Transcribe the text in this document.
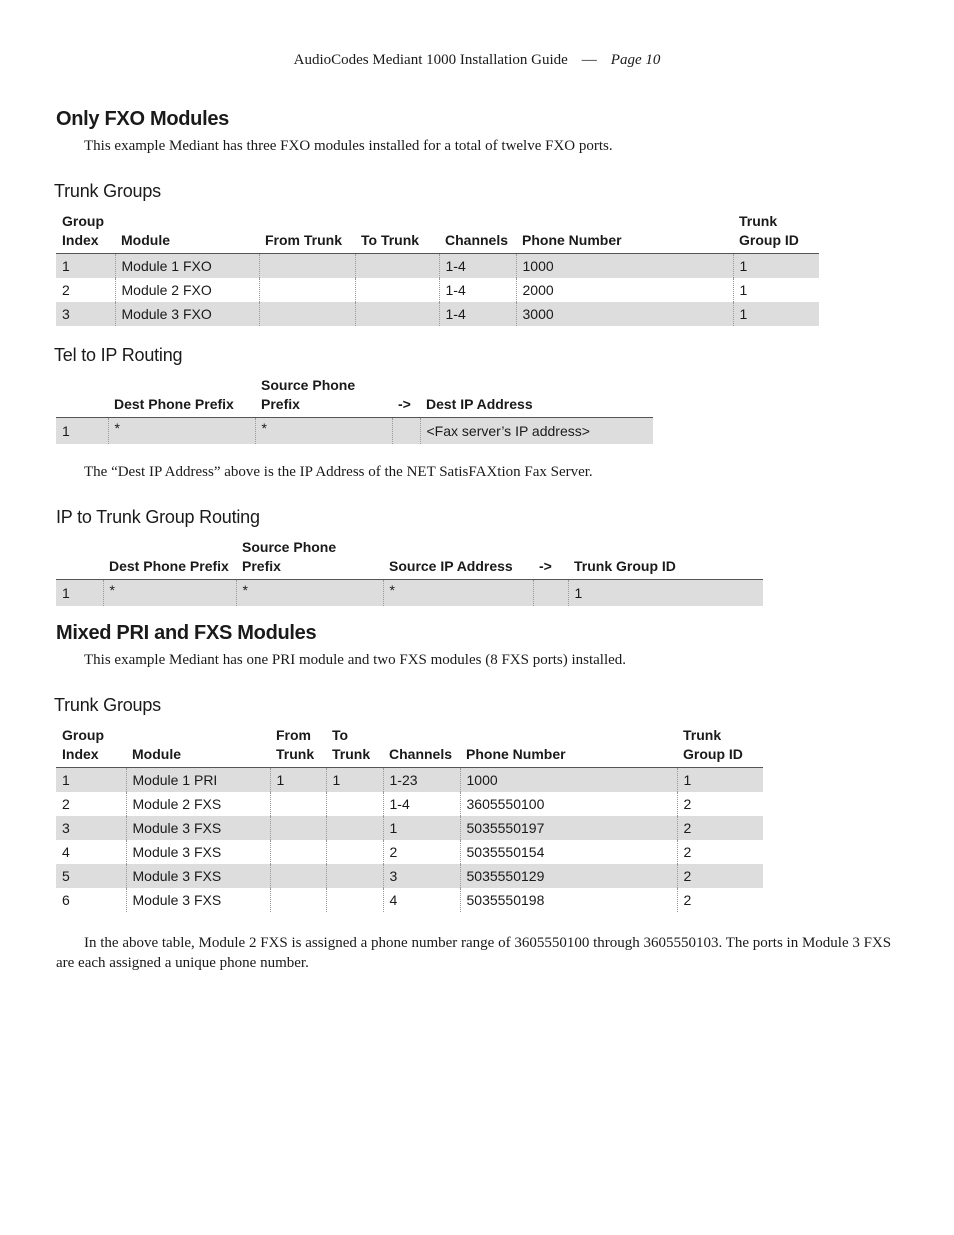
AudioCodes Mediant 1000 Installation Guide — Page 10
Only FXO Modules
This example Mediant has three FXO modules installed for a total of twelve FXO ports.
Trunk Groups
Group Index	Module	From Trunk	To Trunk	Channels	Phone Number	Trunk Group ID
1	Module 1 FXO			1-4	1000	1
2	Module 2 FXO			1-4	2000	1
3	Module 3 FXO			1-4	3000	1
Tel to IP Routing
	Dest Phone Prefix	Source Phone Prefix	->	Dest IP Address
1	*	*		<Fax server’s IP address>
The “Dest IP Address” above is the IP Address of the NET SatisFAXtion Fax Server.
IP to Trunk Group Routing
	Dest Phone Prefix	Source Phone Prefix	Source IP Address	->	Trunk Group ID
1	*	*	*		1
Mixed PRI and FXS Modules
This example Mediant has one PRI module and two FXS modules (8 FXS ports) installed.
Trunk Groups
Group Index	Module	From Trunk	To Trunk	Channels	Phone Number	Trunk Group ID
1	Module 1 PRI	1	1	1-23	1000	1
2	Module 2 FXS			1-4	3605550100	2
3	Module 3 FXS			1	5035550197	2
4	Module 3 FXS			2	5035550154	2
5	Module 3 FXS			3	5035550129	2
6	Module 3 FXS			4	5035550198	2
In the above table, Module 2 FXS is assigned a phone number range of 3605550100 through 3605550103. The ports in Module 3 FXS are each assigned a unique phone number.
